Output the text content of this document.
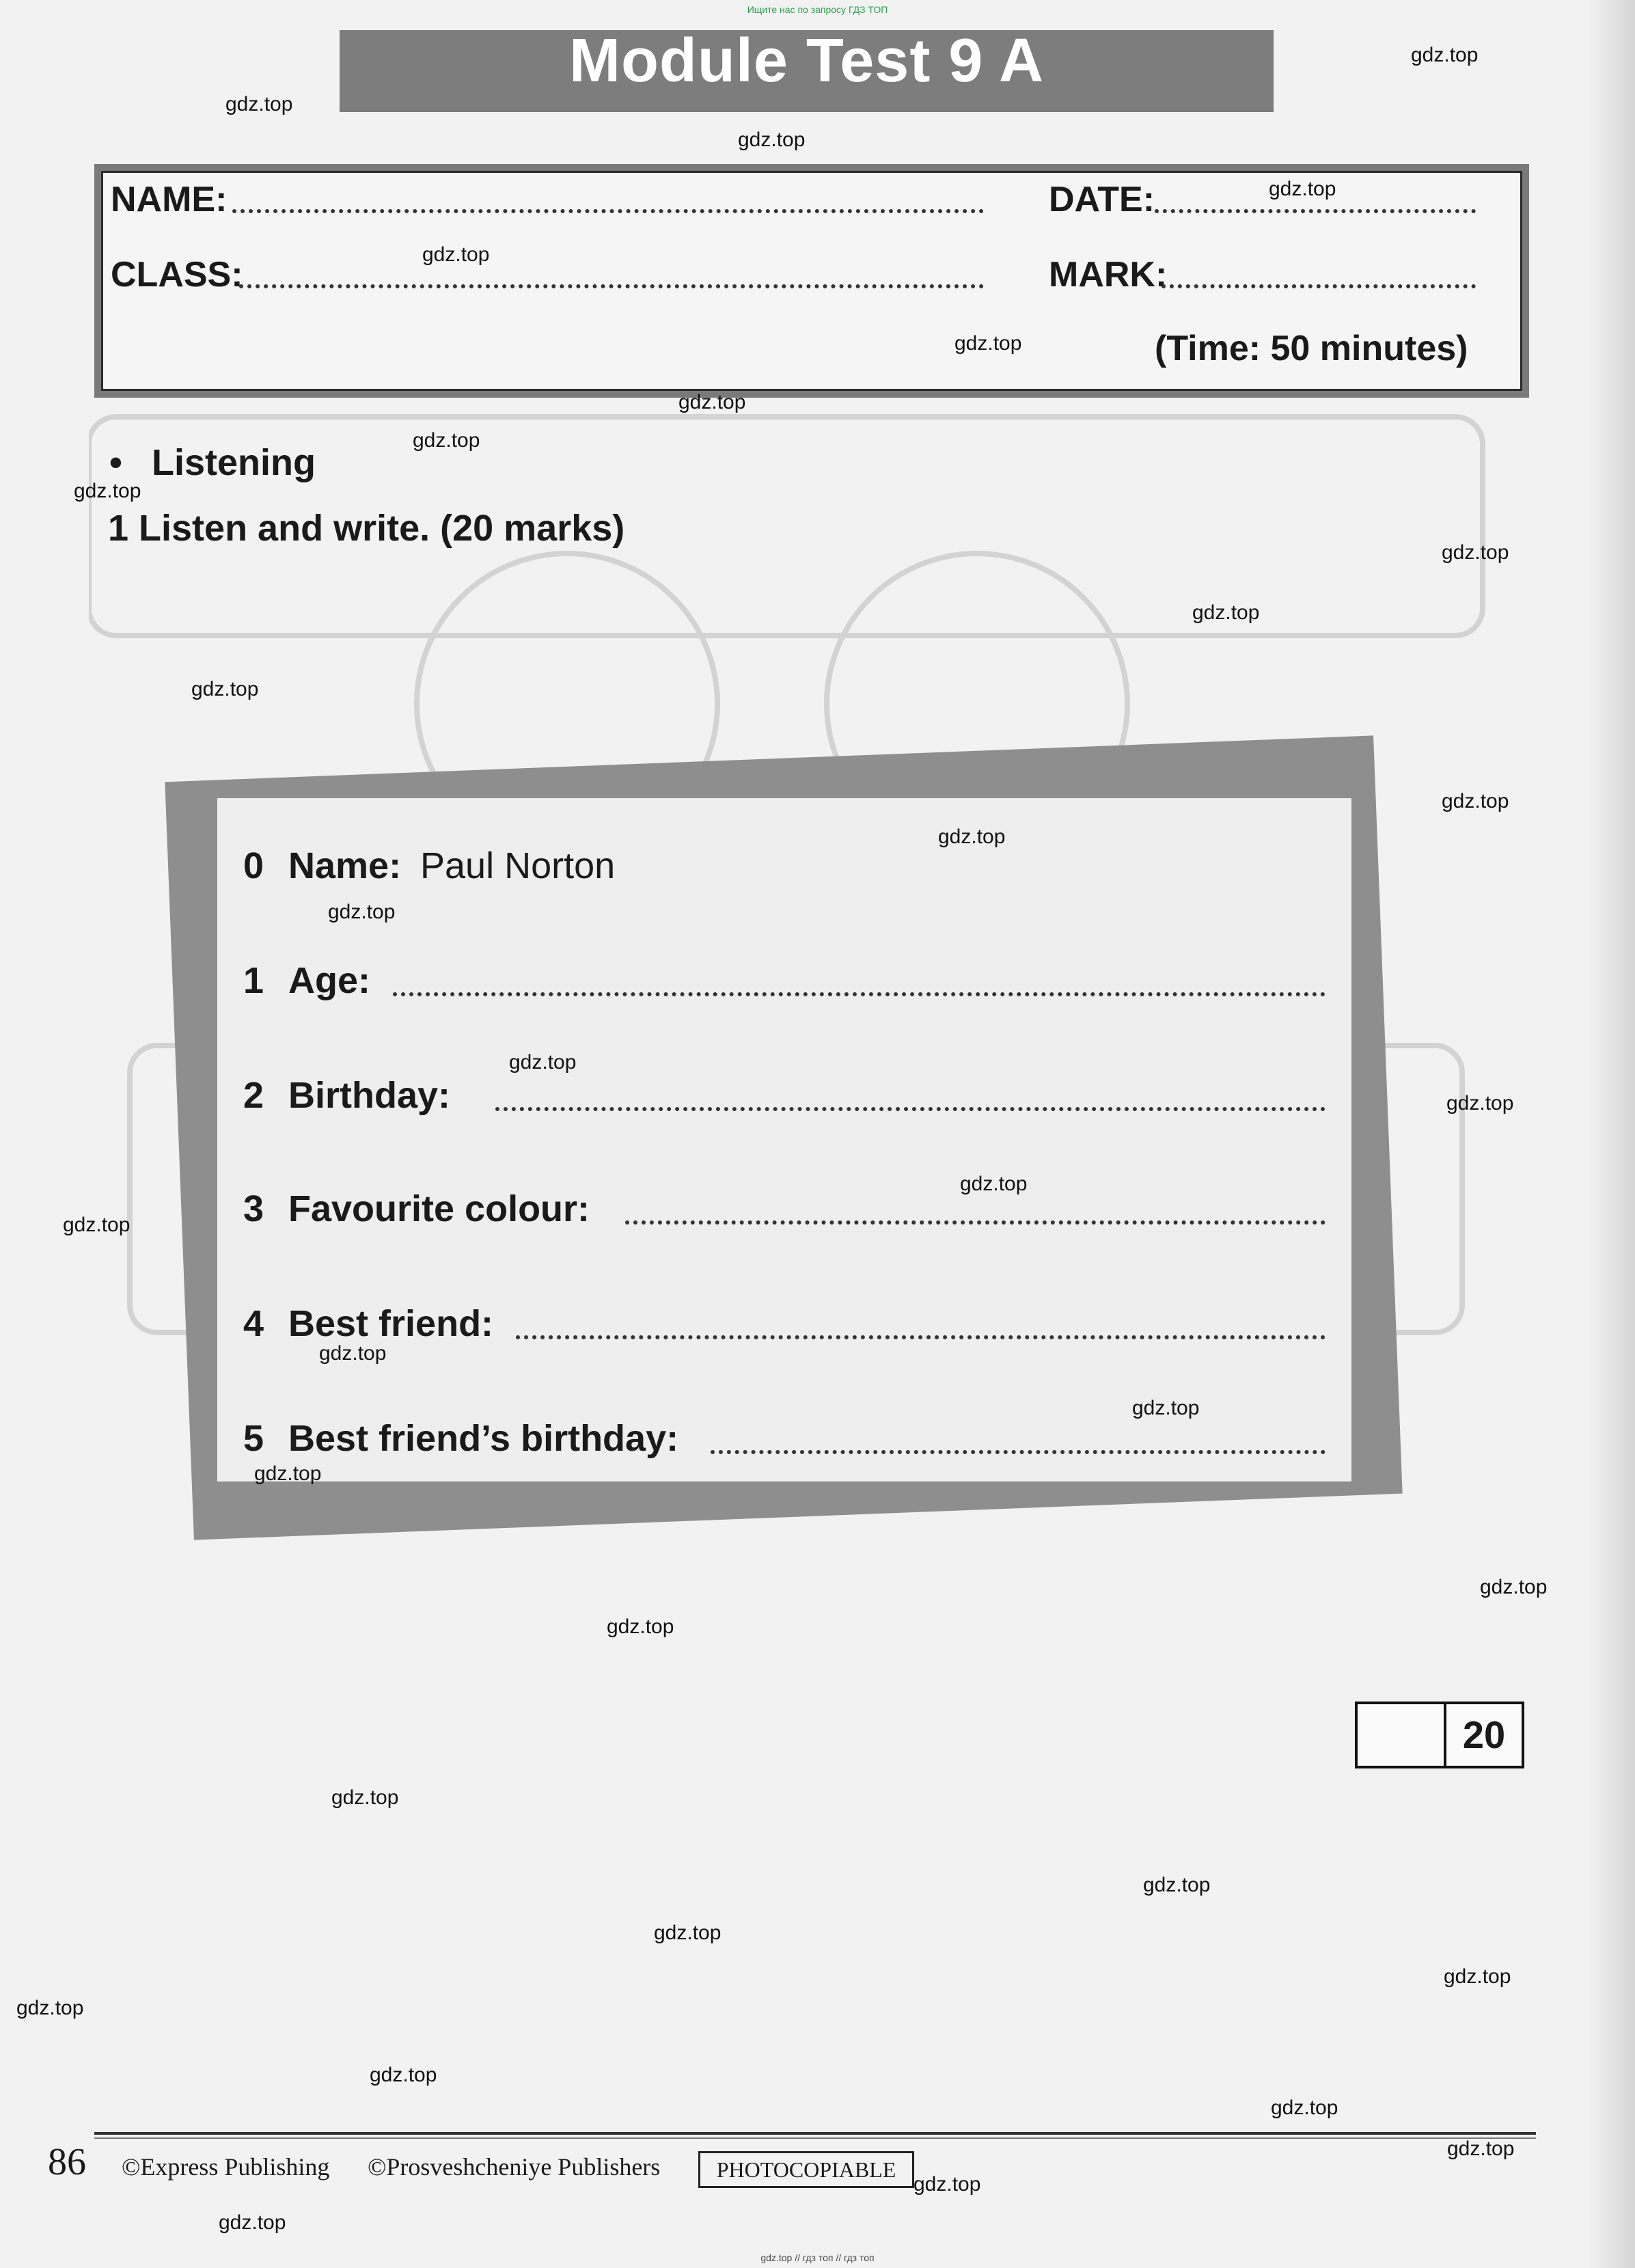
Ищите нас по запросу ГДЗ ТОП
Module Test 9 A
NAME:	DATE:
CLASS:	MARK:
(Time: 50 minutes)
• Listening
1 Listen and write. (20 marks)
0 Name: Paul Norton
1 Age:
2 Birthday:
3 Favourite colour:
4 Best friend:
5 Best friend’s birthday:
20
86 ©Express Publishing ©Prosveshcheniye Publishers	PHOTOCOPIABLE
gdz.top
gdz.top
gdz.top
gdz.top
gdz.top
gdz.top
gdz.top
gdz.top
gdz.top
gdz.top
gdz.top
gdz.top
gdz.top
gdz.top
gdz.top
gdz.top
gdz.top
gdz.top
gdz.top
gdz.top
gdz.top
gdz.top
gdz.top
gdz.top
gdz.top
gdz.top
gdz.top
gdz.top
gdz.top
gdz.top
gdz.top
gdz.top
gdz.top
gdz.top
gdz.top // гдз топ // гдз топ
